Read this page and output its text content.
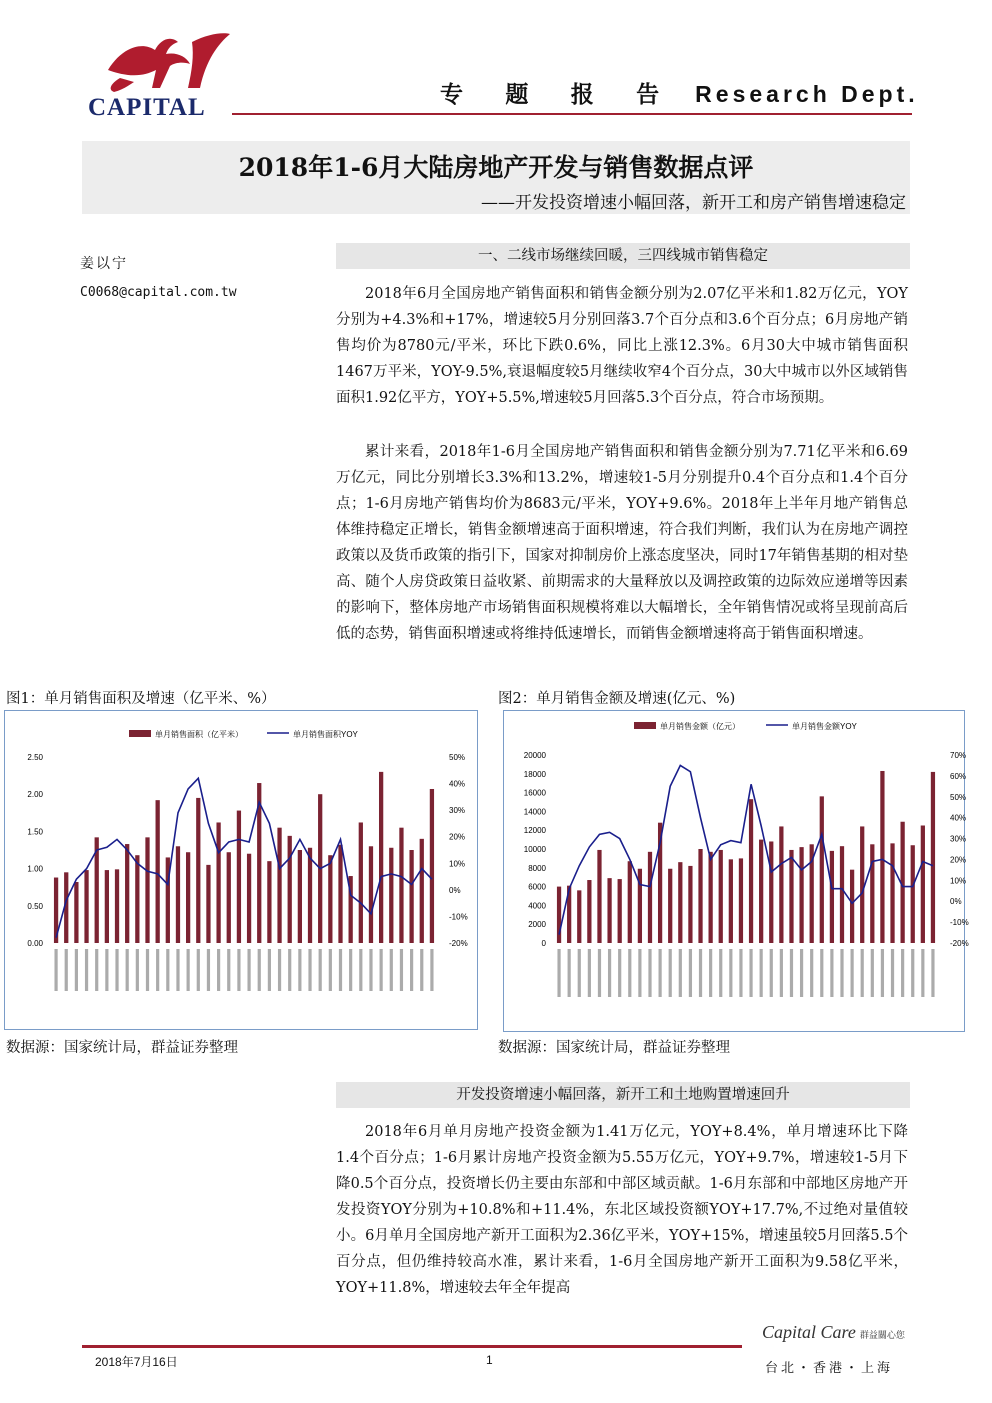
CAPITAL	专 题 报 告 Research Dept.
2018年1-6月大陆房地产开发与销售数据点评
——开发投资增速小幅回落，新开工和房产销售增速稳定
姜以宁
C0068@capital.com.tw
一、二线市场继续回暖，三四线城市销售稳定
2018年6月全国房地产销售面积和销售金额分别为2.07亿平米和1.82万亿元，YOY分别为+4.3%和+17%，增速较5月分别回落3.7个百分点和3.6个百分点；6月房地产销售均价为8780元/平米，环比下跌0.6%，同比上涨12.3%。6月30大中城市销售面积1467万平米，YOY-9.5%,衰退幅度较5月继续收窄4个百分点，30大中城市以外区域销售面积1.92亿平方，YOY+5.5%,增速较5月回落5.3个百分点，符合市场预期。
累计来看，2018年1-6月全国房地产销售面积和销售金额分别为7.71亿平米和6.69万亿元，同比分别增长3.3%和13.2%，增速较1-5月分别提升0.4个百分点和1.4个百分点；1-6月房地产销售均价为8683元/平米，YOY+9.6%。2018年上半年月地产销售总体维持稳定正增长，销售金额增速高于面积增速，符合我们判断，我们认为在房地产调控政策以及货币政策的指引下，国家对抑制房价上涨态度坚决，同时17年销售基期的相对垫高、随个人房贷政策日益收紧、前期需求的大量释放以及调控政策的边际效应递增等因素的影响下，整体房地产市场销售面积规模将难以大幅增长，全年销售情况或将呈现前高后低的态势，销售面积增速或将维持低速增长，而销售金额增速将高于销售面积增速。
图1：单月销售面积及增速（亿平米、%）	图2：单月销售金额及增速(亿元、%)
单月销售面积（亿平米）	单月销售面积YOY
0.00
0.50
1.00
1.50
2.00
2.50
-20%
-10%
0%
10%
20%
30%
40%
50%
单月销售金额（亿元）	单月销售金额YOY
0
2000
4000
6000
8000
10000
12000
14000
16000
18000
20000
-20%
-10%
0%
10%
20%
30%
40%
50%
60%
70%
数据源：国家统计局，群益证券整理	数据源：国家统计局，群益证券整理
开发投资增速小幅回落，新开工和土地购置增速回升
2018年6月单月房地产投资金额为1.41万亿元，YOY+8.4%，单月增速环比下降1.4个百分点；1-6月累计房地产投资金额为5.55万亿元，YOY+9.7%，增速较1-5月下降0.5个百分点，投资增长仍主要由东部和中部区域贡献。1-6月东部和中部地区房地产开发投资YOY分别为+10.8%和+11.4%，东北区域投资额YOY+17.7%,不过绝对量值较小。6月单月全国房地产新开工面积为2.36亿平米，YOY+15%，增速虽较5月回落5.5个百分点，但仍维持较高水准，累计来看，1-6月全国房地产新开工面积为9.58亿平米，YOY+11.8%，增速较去年全年提高
2018年7月16日	1
Capital Care 群益關心您
台北・香港・上海
